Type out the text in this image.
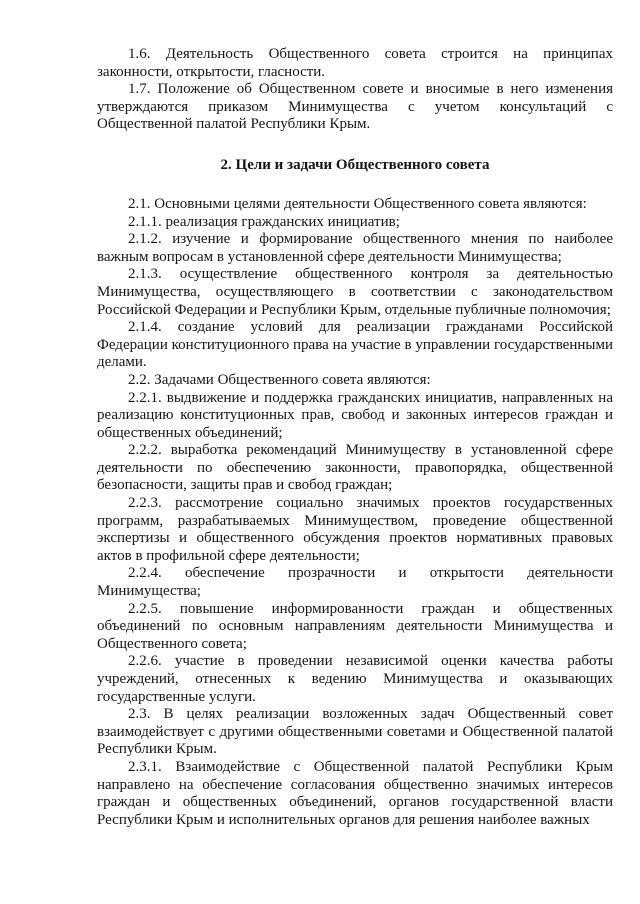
1.6. Деятельность Общественного совета строится на принципах законности, открытости, гласности.

1.7. Положение об Общественном совете и вносимые в него изменения утверждаются приказом Минимущества с учетом консультаций с Общественной палатой Республики Крым.

2. Цели и задачи Общественного совета

2.1. Основными целями деятельности Общественного совета являются:

2.1.1. реализация гражданских инициатив;

2.1.2. изучение и формирование общественного мнения по наиболее важным вопросам в установленной сфере деятельности Минимущества;

2.1.3. осуществление общественного контроля за деятельностью Минимущества, осуществляющего в соответствии с законодательством Российской Федерации и Республики Крым, отдельные публичные полномочия;

2.1.4. создание условий для реализации гражданами Российской Федерации конституционного права на участие в управлении государственными делами.

2.2. Задачами Общественного совета являются:

2.2.1. выдвижение и поддержка гражданских инициатив, направленных на реализацию конституционных прав, свобод и законных интересов граждан и общественных объединений;

2.2.2. выработка рекомендаций Минимуществу в установленной сфере деятельности по обеспечению законности, правопорядка, общественной безопасности, защиты прав и свобод граждан;

2.2.3. рассмотрение социально значимых проектов государственных программ, разрабатываемых Минимуществом, проведение общественной экспертизы и общественного обсуждения проектов нормативных правовых актов в профильной сфере деятельности;

2.2.4. обеспечение прозрачности и открытости деятельности Минимущества;

2.2.5. повышение информированности граждан и общественных объединений по основным направлениям деятельности Минимущества и Общественного совета;

2.2.6. участие в проведении независимой оценки качества работы учреждений, отнесенных к ведению Минимущества и оказывающих государственные услуги.

2.3. В целях реализации возложенных задач Общественный совет взаимодействует с другими общественными советами и Общественной палатой Республики Крым.

2.3.1. Взаимодействие с Общественной палатой Республики Крым направлено на обеспечение согласования общественно значимых интересов граждан и общественных объединений, органов государственной власти Республики Крым и исполнительных органов для решения наиболее важных
